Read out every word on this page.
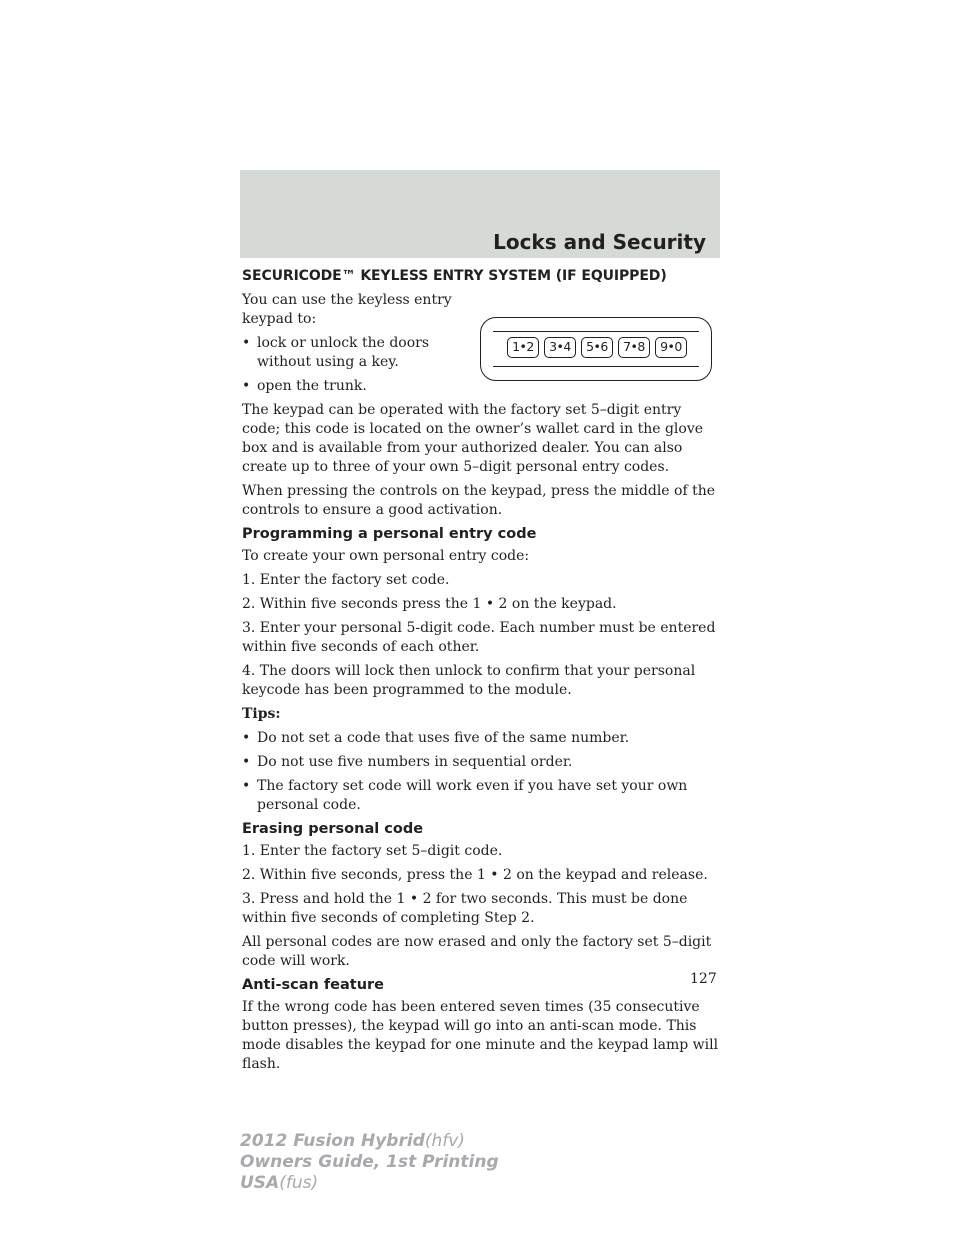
Locks and Security
SECURICODE™ KEYLESS ENTRY SYSTEM (IF EQUIPPED)

You can use the keyless entry keypad to:

• lock or unlock the doors without using a key.
• open the trunk.
1•2	3•4	5•6	7•8	9•0

The keypad can be operated with the factory set 5–digit entry code; this code is located on the owner’s wallet card in the glove box and is available from your authorized dealer. You can also create up to three of your own 5–digit personal entry codes.

When pressing the controls on the keypad, press the middle of the controls to ensure a good activation.

Programming a personal entry code

To create your own personal entry code:

1. Enter the factory set code.

2. Within five seconds press the 1 • 2 on the keypad.

3. Enter your personal 5-digit code. Each number must be entered within five seconds of each other.

4. The doors will lock then unlock to confirm that your personal keycode has been programmed to the module.

Tips:

• Do not set a code that uses five of the same number.
• Do not use five numbers in sequential order.
• The factory set code will work even if you have set your own personal code.
Erasing personal code

1. Enter the factory set 5–digit code.

2. Within five seconds, press the 1 • 2 on the keypad and release.

3. Press and hold the 1 • 2 for two seconds. This must be done within five seconds of completing Step 2.

All personal codes are now erased and only the factory set 5–digit code will work.

Anti-scan feature

If the wrong code has been entered seven times (35 consecutive button presses), the keypad will go into an anti-scan mode. This mode disables the keypad for one minute and the keypad lamp will flash.

127
2012 Fusion Hybrid(hfv)
Owners Guide, 1st Printing
USA(fus)
